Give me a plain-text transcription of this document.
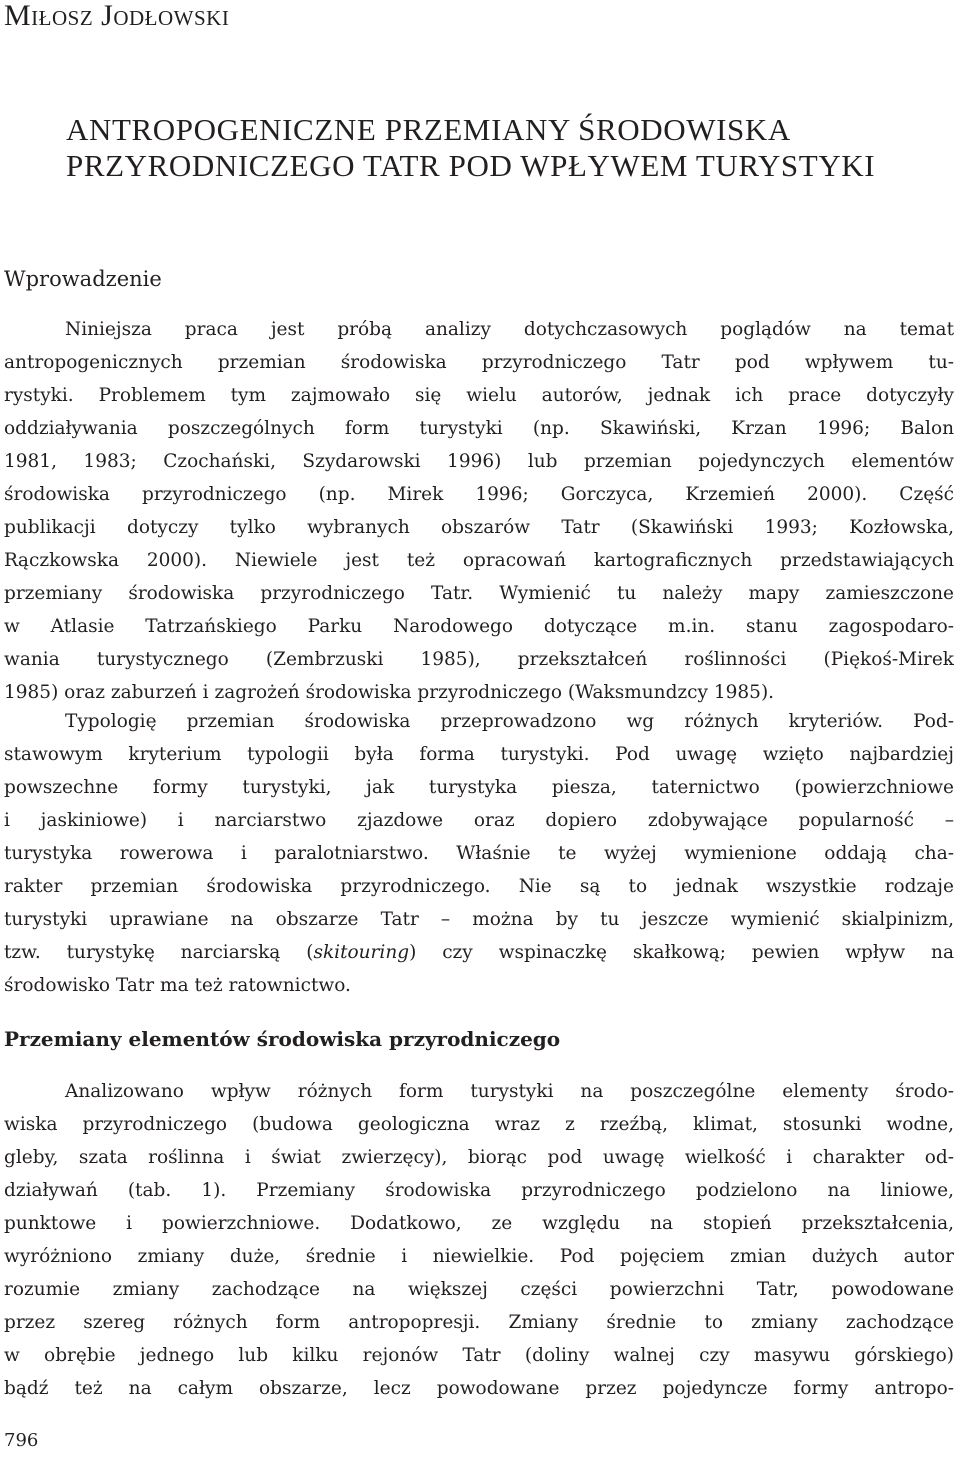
Miłosz Jodłowski
ANTROPOGENICZNE PRZEMIANY ŚRODOWISKA
PRZYRODNICZEGO TATR POD WPŁYWEM TURYSTYKI
Wprowadzenie
Niniejsza praca jest próbą analizy dotychczasowych poglądów na temat
antropogenicznych przemian środowiska przyrodniczego Tatr pod wpływem tu-
rystyki. Problemem tym zajmowało się wielu autorów, jednak ich prace dotyczyły
oddziaływania poszczególnych form turystyki (np. Skawiński, Krzan 1996; Balon
1981, 1983; Czochański, Szydarowski 1996) lub przemian pojedynczych elementów
środowiska przyrodniczego (np. Mirek 1996; Gorczyca, Krzemień 2000). Część
publikacji dotyczy tylko wybranych obszarów Tatr (Skawiński 1993; Kozłowska,
Rączkowska 2000). Niewiele jest też opracowań kartograficznych przedstawiających
przemiany środowiska przyrodniczego Tatr. Wymienić tu należy mapy zamieszczone
w Atlasie Tatrzańskiego Parku Narodowego dotyczące m.in. stanu zagospodaro-
wania turystycznego (Zembrzuski 1985), przekształceń roślinności (Piękoś-Mirek
1985) oraz zaburzeń i zagrożeń środowiska przyrodniczego (Waksmundzcy 1985).
Typologię przemian środowiska przeprowadzono wg różnych kryteriów. Pod-
stawowym kryterium typologii była forma turystyki. Pod uwagę wzięto najbardziej
powszechne formy turystyki, jak turystyka piesza, taternictwo (powierzchniowe
i jaskiniowe) i narciarstwo zjazdowe oraz dopiero zdobywające popularność –
turystyka rowerowa i paralotniarstwo. Właśnie te wyżej wymienione oddają cha-
rakter przemian środowiska przyrodniczego. Nie są to jednak wszystkie rodzaje
turystyki uprawiane na obszarze Tatr – można by tu jeszcze wymienić skialpinizm,
tzw. turystykę narciarską (skitouring) czy wspinaczkę skałkową; pewien wpływ na
środowisko Tatr ma też ratownictwo.
Przemiany elementów środowiska przyrodniczego
Analizowano wpływ różnych form turystyki na poszczególne elementy środo-
wiska przyrodniczego (budowa geologiczna wraz z rzeźbą, klimat, stosunki wodne,
gleby, szata roślinna i świat zwierzęcy), biorąc pod uwagę wielkość i charakter od-
działywań (tab. 1). Przemiany środowiska przyrodniczego podzielono na liniowe,
punktowe i powierzchniowe. Dodatkowo, ze względu na stopień przekształcenia,
wyróżniono zmiany duże, średnie i niewielkie. Pod pojęciem zmian dużych autor
rozumie zmiany zachodzące na większej części powierzchni Tatr, powodowane
przez szereg różnych form antropopresji. Zmiany średnie to zmiany zachodzące
w obrębie jednego lub kilku rejonów Tatr (doliny walnej czy masywu górskiego)
bądź też na całym obszarze, lecz powodowane przez pojedyncze formy antropo-
796
